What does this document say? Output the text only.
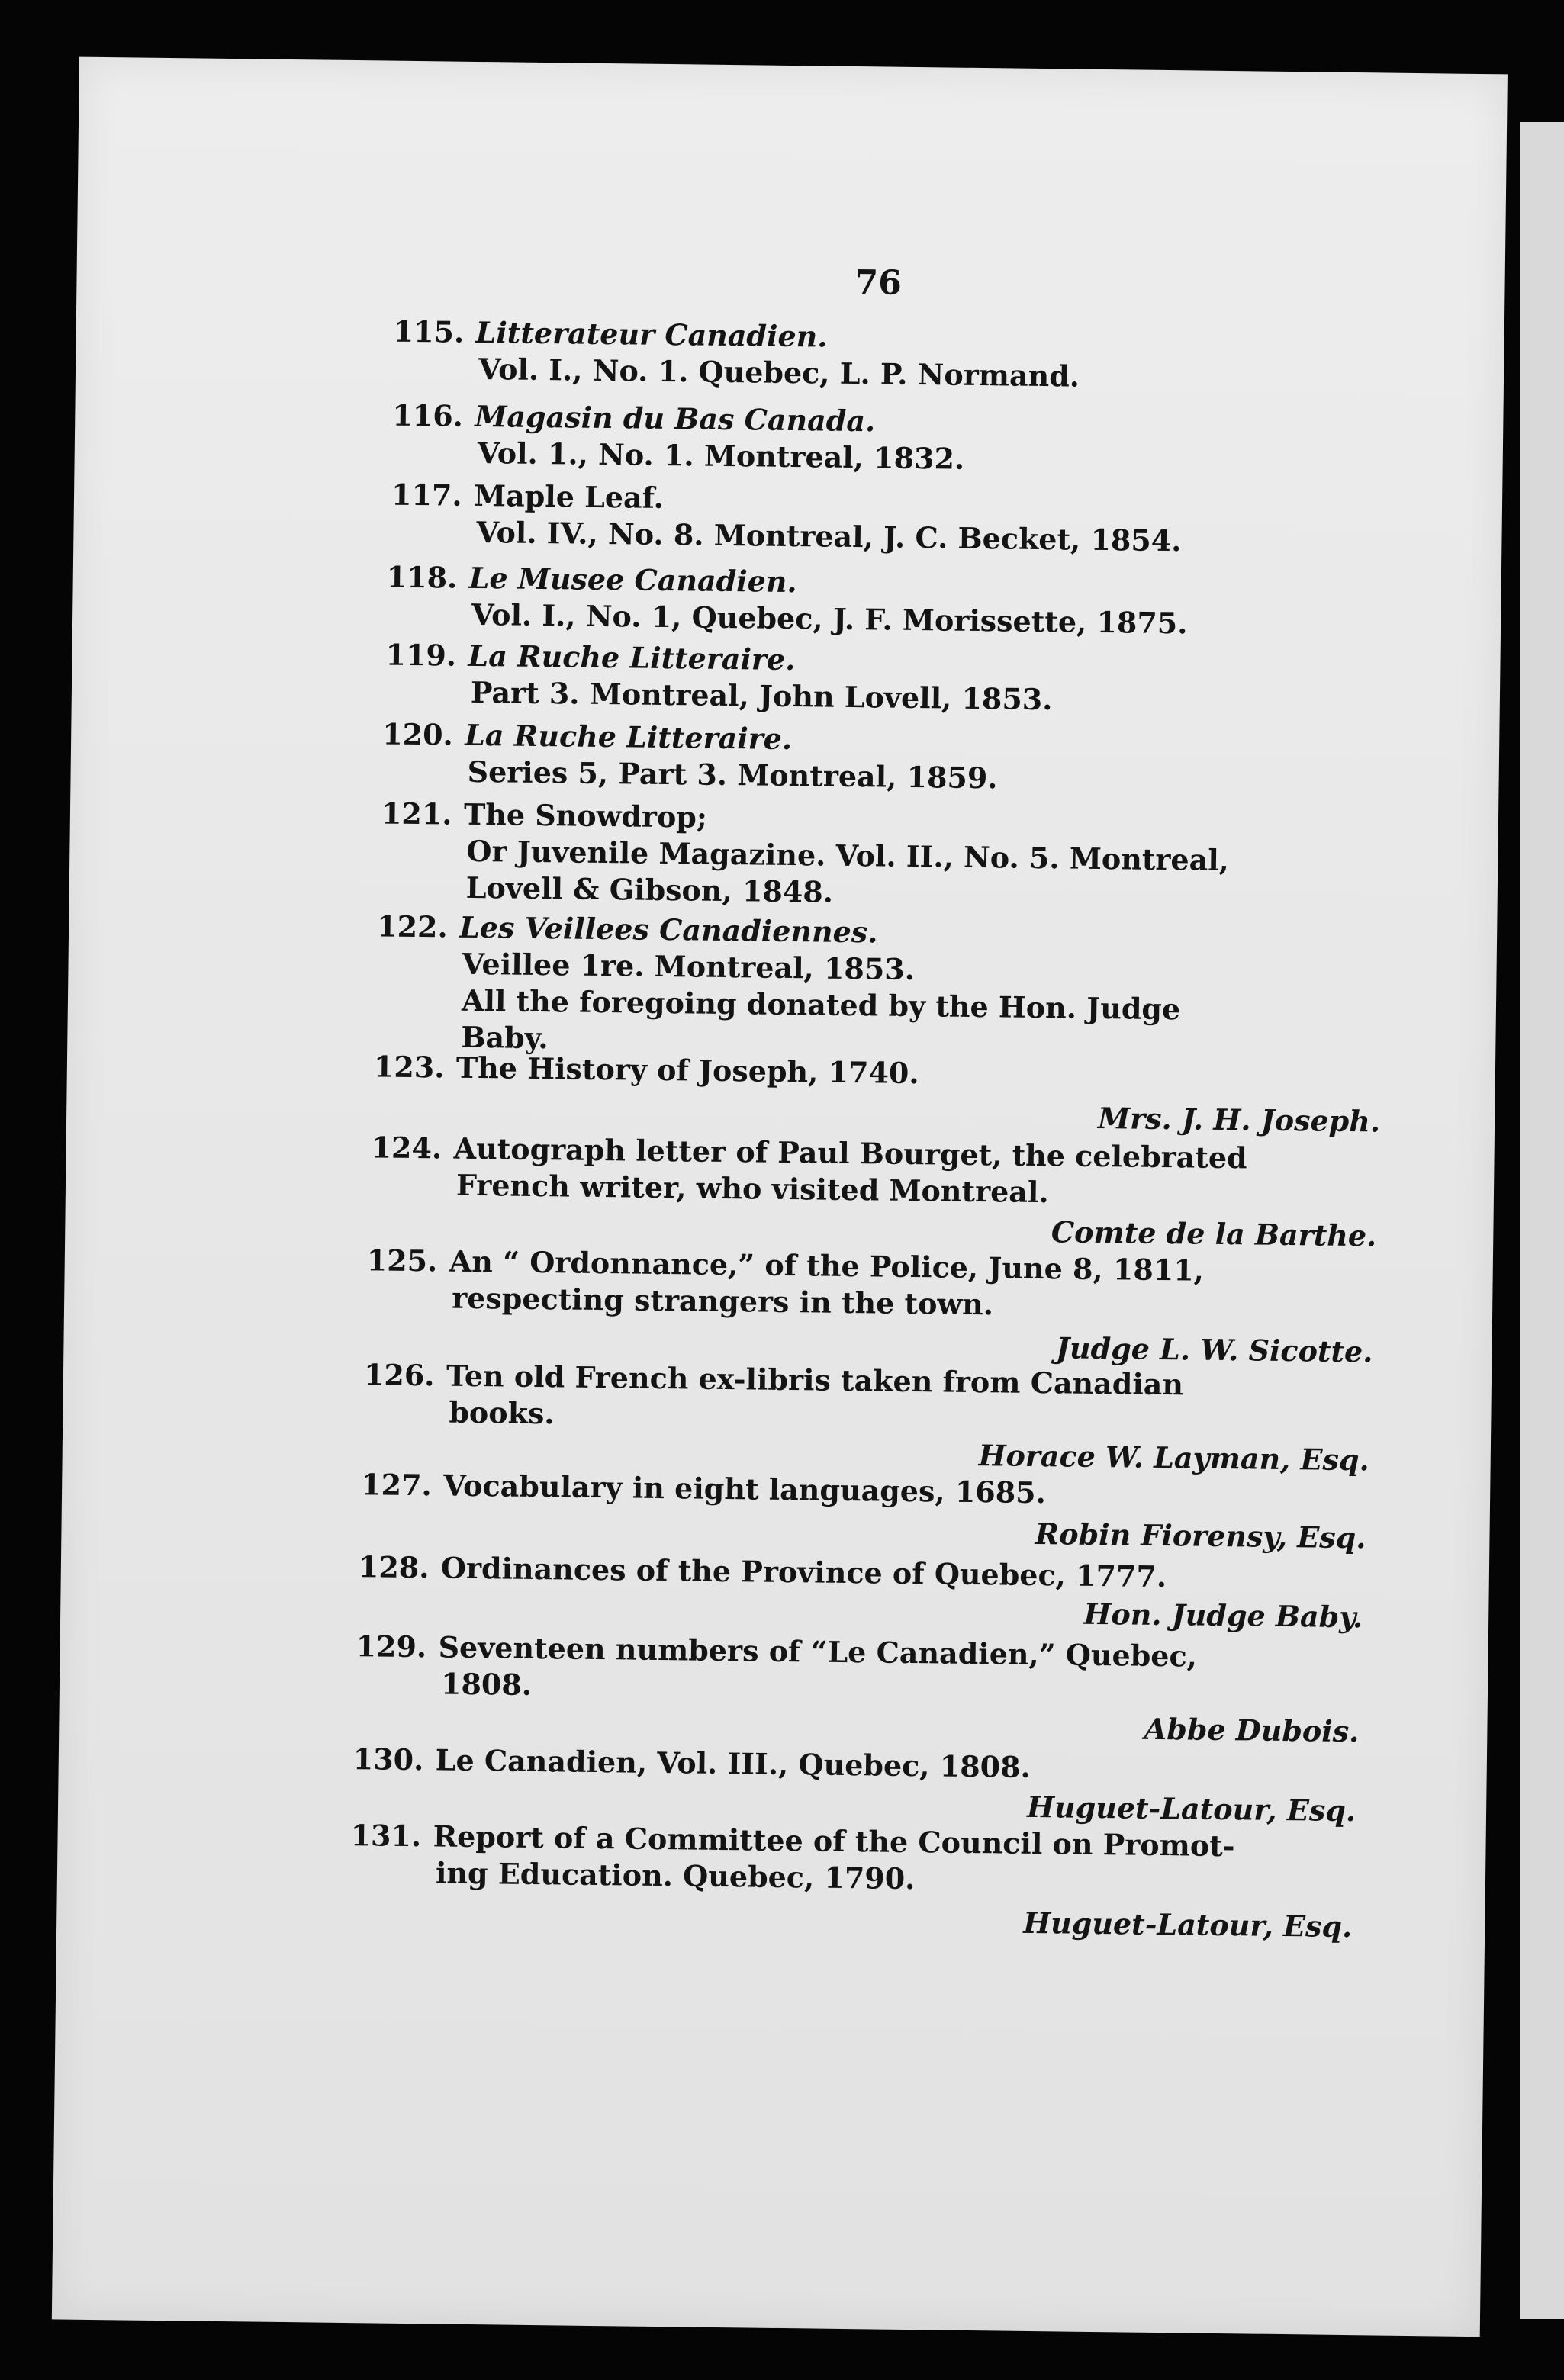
76
115. Litterateur Canadien.
Vol. I., No. 1. Quebec, L. P. Normand.
116. Magasin du Bas Canada.
Vol. 1., No. 1. Montreal, 1832.
117. Maple Leaf.
Vol. IV., No. 8. Montreal, J. C. Becket, 1854.
118. Le Musee Canadien.
Vol. I., No. 1, Quebec, J. F. Morissette, 1875.
119. La Ruche Litteraire.
Part 3. Montreal, John Lovell, 1853.
120. La Ruche Litteraire.
Series 5, Part 3. Montreal, 1859.
121. The Snowdrop;
Or Juvenile Magazine. Vol. II., No. 5. Montreal,
Lovell & Gibson, 1848.
122. Les Veillees Canadiennes.
Veillee 1re. Montreal, 1853.
All the foregoing donated by the Hon. Judge
Baby.
123. The History of Joseph, 1740.
Mrs. J. H. Joseph.
124. Autograph letter of Paul Bourget, the celebrated
French writer, who visited Montreal.
Comte de la Barthe.
125. An “ Ordonnance,” of the Police, June 8, 1811,
respecting strangers in the town.
Judge L. W. Sicotte.
126. Ten old French ex-libris taken from Canadian
books.
Horace W. Layman, Esq.
127. Vocabulary in eight languages, 1685.
Robin Fiorensy, Esq.
128. Ordinances of the Province of Quebec, 1777.
Hon. Judge Baby.
129. Seventeen numbers of “Le Canadien,” Quebec,
1808.
Abbe Dubois.
130. Le Canadien, Vol. III., Quebec, 1808.
Huguet-Latour, Esq.
131. Report of a Committee of the Council on Promot-
ing Education. Quebec, 1790.
Huguet-Latour, Esq.
